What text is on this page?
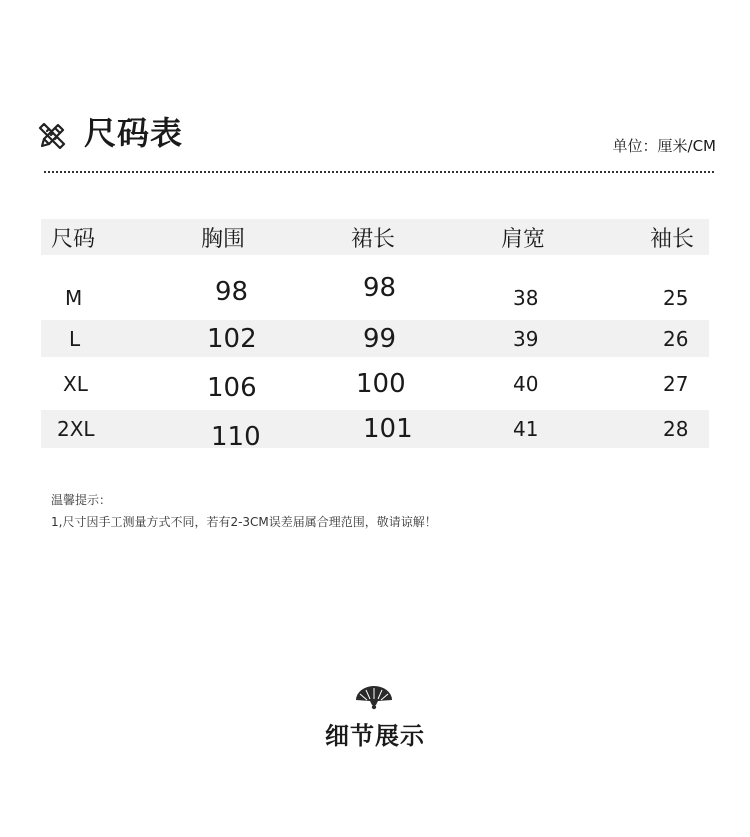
尺码表	单位：厘米/CM
尺码	胸围	裙长	肩宽	袖长
M	98	98	38	25
L	102	99	39	26
XL	106	100	40	27
2XL	110	101	41	28
温馨提示：
1,尺寸因手工测量方式不同，若有2-3CM误差届属合理范围，敬请谅解！
细节展示
